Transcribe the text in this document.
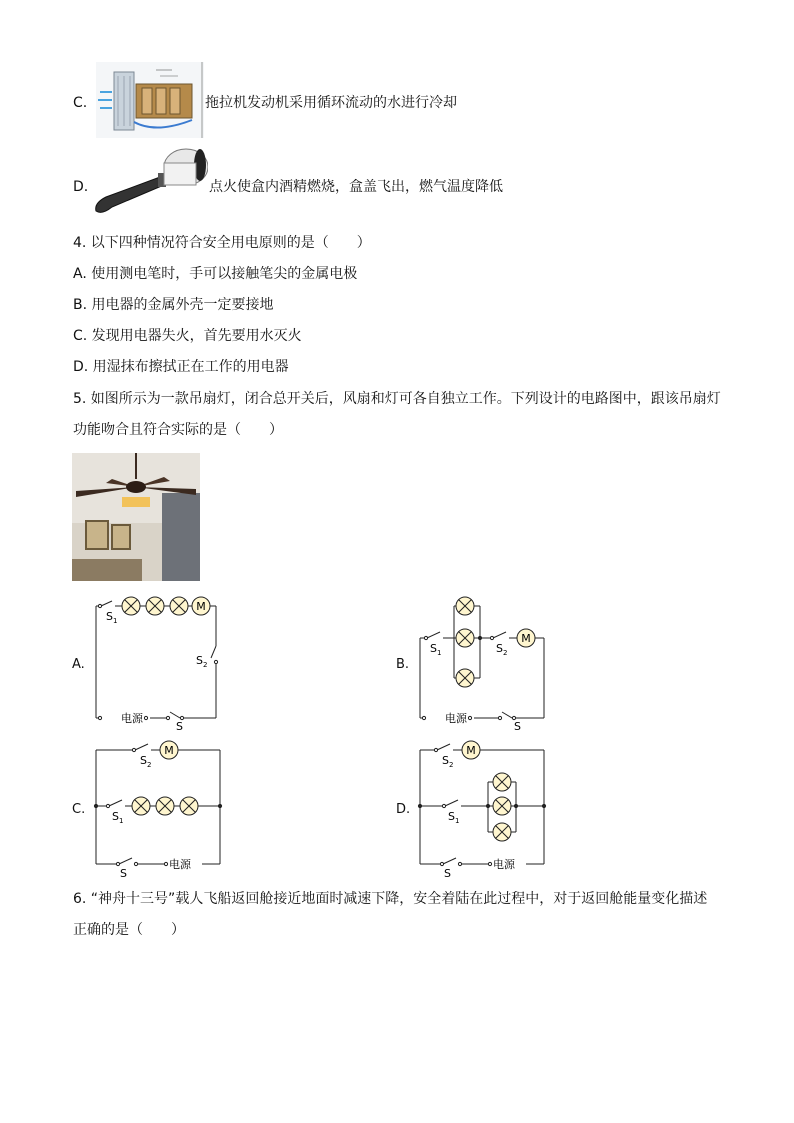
C.	拖拉机发动机采用循环流动的水进行冷却
D.	点火使盒内酒精燃烧，盒盖飞出，燃气温度降低
4. 以下四种情况符合安全用电原则的是（　　）
A. 使用测电笔时，手可以接触笔尖的金属电极
B. 用电器的金属外壳一定要接地
C. 发现用电器失火，首先要用水灭火
D. 用湿抹布擦拭正在工作的用电器
5. 如图所示为一款吊扇灯，闭合总开关后，风扇和灯可各自独立工作。下列设计的电路图中，跟该吊扇灯
功能吻合且符合实际的是（　　）
A.	B.
C.	D.
M
S 1
S 2
电源
S
M
S 1	S 2
电源
S
M
S 2
S 1
S
电源
M
S 2
S 1
S
电源
6. “神舟十三号”载人飞船返回舱接近地面时减速下降，安全着陆在此过程中，对于返回舱能量变化描述
正确的是（　　）
